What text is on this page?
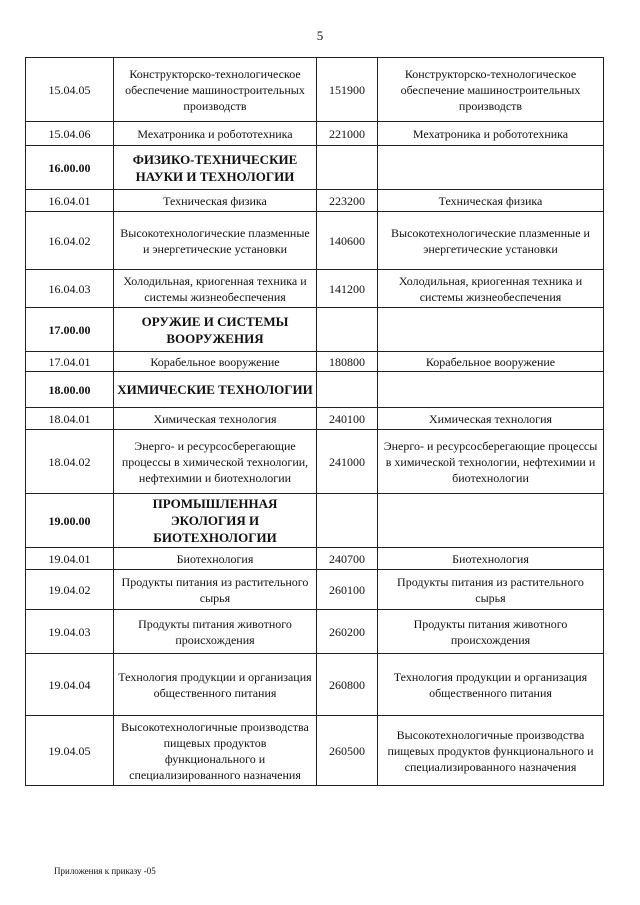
5
15.04.05	Конструкторско-технологическое обеспечение машиностроительных производств	151900	Конструкторско-технологическое обеспечение машиностроительных производств
15.04.06	Мехатроника и робототехника	221000	Мехатроника и робототехника
16.00.00	ФИЗИКО-ТЕХНИЧЕСКИЕ НАУКИ И ТЕХНОЛОГИИ		
16.04.01	Техническая физика	223200	Техническая физика
16.04.02	Высокотехнологические плазменные и энергетические установки	140600	Высокотехнологические плазменные и энергетические установки
16.04.03	Холодильная, криогенная техника и системы жизнеобеспечения	141200	Холодильная, криогенная техника и системы жизнеобеспечения
17.00.00	ОРУЖИЕ И СИСТЕМЫ ВООРУЖЕНИЯ		
17.04.01	Корабельное вооружение	180800	Корабельное вооружение
18.00.00	ХИМИЧЕСКИЕ ТЕХНОЛОГИИ		
18.04.01	Химическая технология	240100	Химическая технология
18.04.02	Энерго- и ресурсосберегающие процессы в химической технологии, нефтехимии и биотехнологии	241000	Энерго- и ресурсосберегающие процессы в химической технологии, нефтехимии и биотехнологии
19.00.00	ПРОМЫШЛЕННАЯ ЭКОЛОГИЯ И БИОТЕХНОЛОГИИ		
19.04.01	Биотехнология	240700	Биотехнология
19.04.02	Продукты питания из растительного сырья	260100	Продукты питания из растительного сырья
19.04.03	Продукты питания животного происхождения	260200	Продукты питания животного происхождения
19.04.04	Технология продукции и организация общественного питания	260800	Технология продукции и организация общественного питания
19.04.05	Высокотехнологичные производства пищевых продуктов функционального и специализированного назначения	260500	Высокотехнологичные производства пищевых продуктов функционального и специализированного назначения
Приложения к приказу -05
